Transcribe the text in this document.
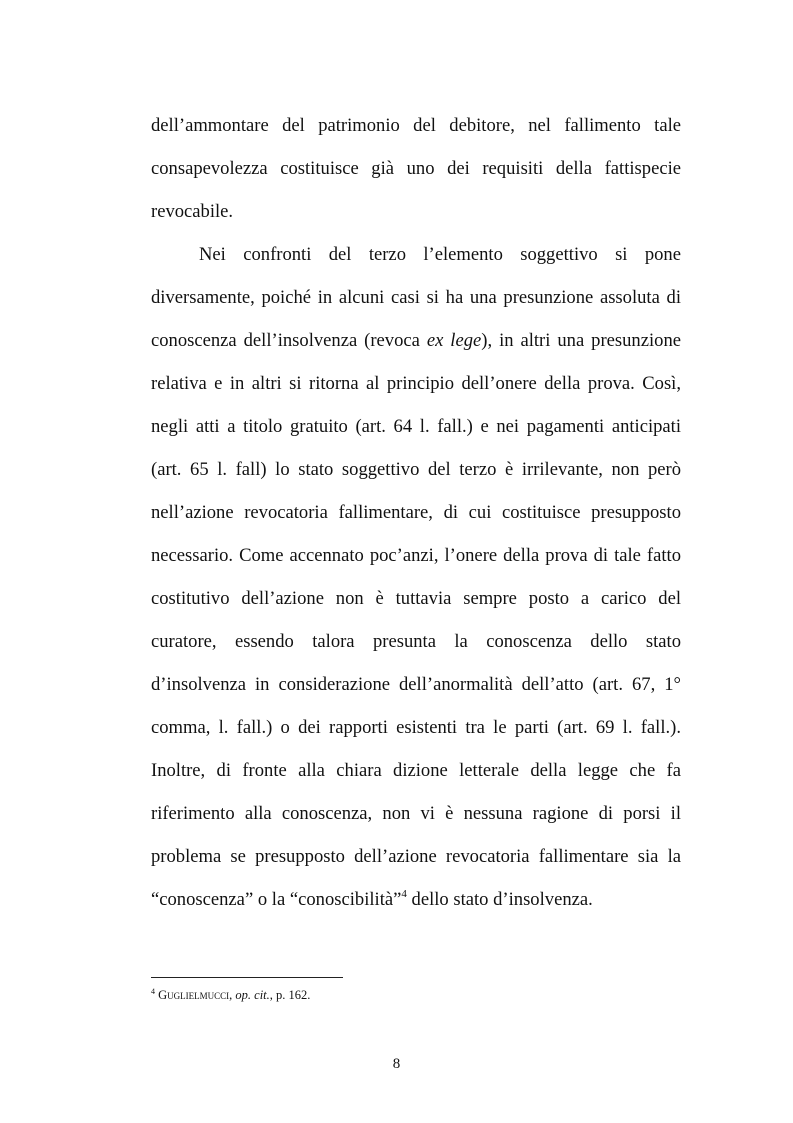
dell’ammontare del patrimonio del debitore, nel fallimento tale
consapevolezza costituisce già uno dei requisiti della fattispecie
revocabile.
Nei confronti del terzo l’elemento soggettivo si pone
diversamente, poiché in alcuni casi si ha una presunzione assoluta di
conoscenza dell’insolvenza (revoca ex lege), in altri una presunzione
relativa e in altri si ritorna al principio dell’onere della prova. Così,
negli atti a titolo gratuito (art. 64 l. fall.) e nei pagamenti anticipati
(art. 65 l. fall) lo stato soggettivo del terzo è irrilevante, non però
nell’azione revocatoria fallimentare, di cui costituisce presupposto
necessario. Come accennato poc’anzi, l’onere della prova di tale fatto
costitutivo dell’azione non è tuttavia sempre posto a carico del
curatore, essendo talora presunta la conoscenza dello stato
d’insolvenza in considerazione dell’anormalità dell’atto (art. 67, 1°
comma, l. fall.) o dei rapporti esistenti tra le parti (art. 69 l. fall.).
Inoltre, di fronte alla chiara dizione letterale della legge che fa
riferimento alla conoscenza, non vi è nessuna ragione di porsi il
problema se presupposto dell’azione revocatoria fallimentare sia la
“conoscenza” o la “conoscibilità”$^4$ dello stato d’insolvenza.
$^4$ Guglielmucci, op. cit., p. 162.
8
